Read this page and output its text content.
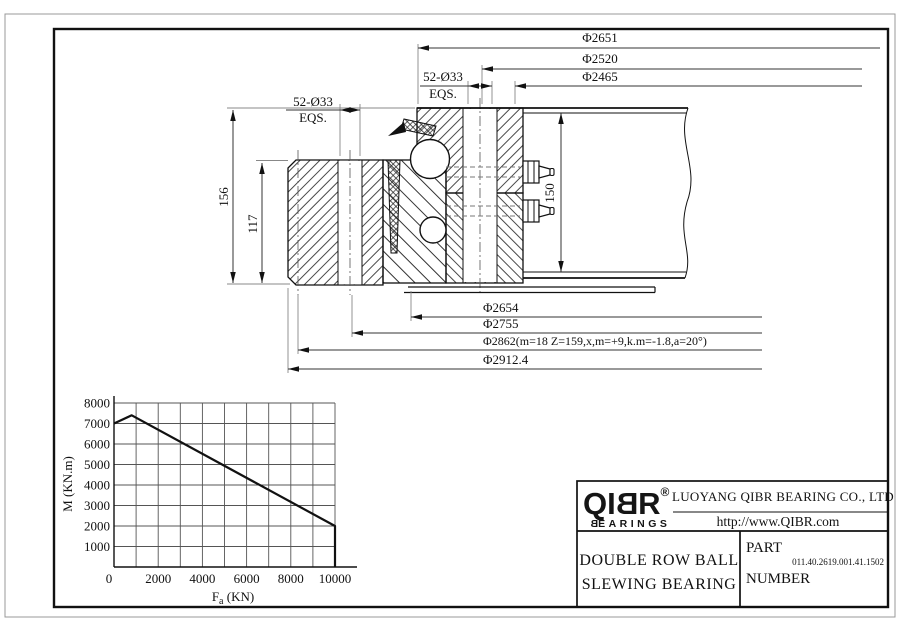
Φ2651
Φ2520
Φ2465
52-Ø33
EQS.
156
117
52-Ø33
EQS.
150
Φ2654
Φ2755
Φ2862(m=18 Z=159,x,m=+9,k.m=-1.8,a=20°)
Φ2912.4
8000
7000
6000
5000
4000
3000
2000
1000
0	2000 4000 6000 8000 10000
M (KN.m)
$F_a$ (KN)
QIBR®
BEARINGS
LUOYANG QIBR BEARING CO., LTD
http://www.QIBR.com
DOUBLE ROW BALL
SLEWING BEARING
PART
NUMBER
011.40.2619.001.41.1502
